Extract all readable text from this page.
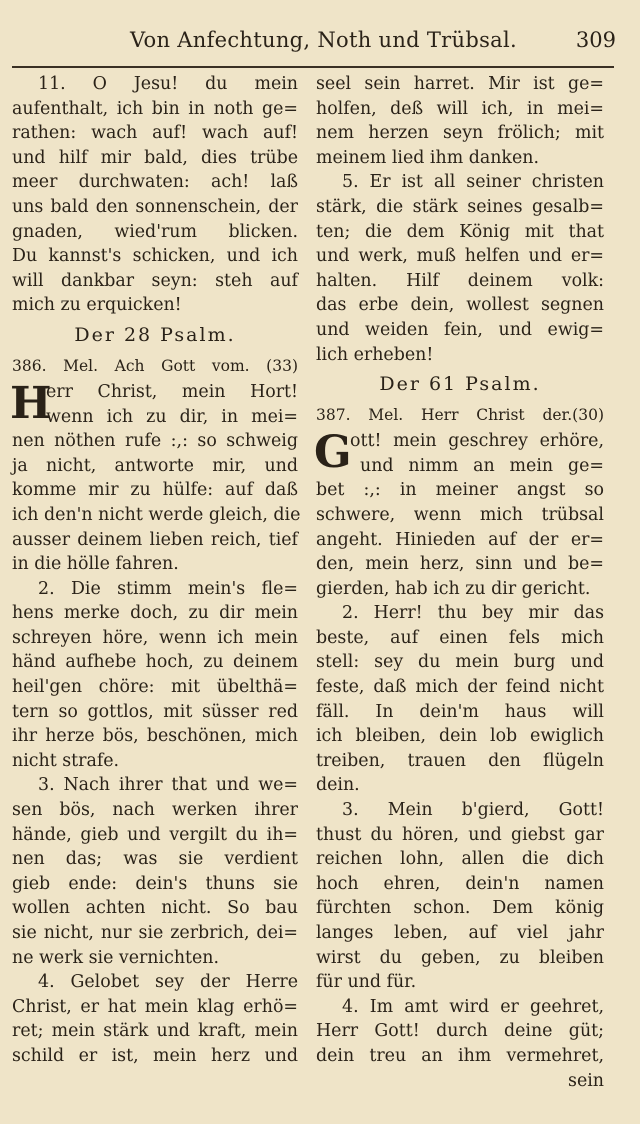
Von Anfechtung, Noth und Trübsal.	309
11. O Jesu! du mein
aufenthalt, ich bin in noth ge=
rathen: wach auf! wach auf!
und hilf mir bald, dies trübe
meer durchwaten: ach! laß
uns bald den sonnenschein, der
gnaden, wied'rum blicken.
Du kannst's schicken, und ich
will dankbar seyn: steh auf
mich zu erquicken!
Der 28 Psalm.
386. Mel. Ach Gott vom. (33)
H
err Christ, mein Hort!
wenn ich zu dir, in mei=
nen nöthen rufe :,: so schweig
ja nicht, antworte mir, und
komme mir zu hülfe: auf daß
ich den'n nicht werde gleich, die
ausser deinem lieben reich, tief
in die hölle fahren.
2. Die stimm mein's fle=
hens merke doch, zu dir mein
schreyen höre, wenn ich mein
händ aufhebe hoch, zu deinem
heil'gen chöre: mit übelthä=
tern so gottlos, mit süsser red
ihr herze bös, beschönen, mich
nicht strafe.
3. Nach ihrer that und we=
sen bös, nach werken ihrer
hände, gieb und vergilt du ih=
nen das; was sie verdient
gieb ende: dein's thuns sie
wollen achten nicht. So bau
sie nicht, nur sie zerbrich, dei=
ne werk sie vernichten.
4. Gelobet sey der Herre
Christ, er hat mein klag erhö=
ret; mein stärk und kraft, mein
schild er ist, mein herz und
seel sein harret. Mir ist ge=
holfen, deß will ich, in mei=
nem herzen seyn frölich; mit
meinem lied ihm danken.
5. Er ist all seiner christen
stärk, die stärk seines gesalb=
ten; die dem König mit that
und werk, muß helfen und er=
halten. Hilf deinem volk:
das erbe dein, wollest segnen
und weiden fein, und ewig=
lich erheben!
Der 61 Psalm.
387. Mel. Herr Christ der.(30)
G
ott! mein geschrey erhöre,
und nimm an mein ge=
bet :,: in meiner angst so
schwere, wenn mich trübsal
angeht. Hinieden auf der er=
den, mein herz, sinn und be=
gierden, hab ich zu dir gericht.
2. Herr! thu bey mir das
beste, auf einen fels mich
stell: sey du mein burg und
feste, daß mich der feind nicht
fäll. In dein'm haus will
ich bleiben, dein lob ewiglich
treiben, trauen den flügeln
dein.
3. Mein b'gierd, Gott!
thust du hören, und giebst gar
reichen lohn, allen die dich
hoch ehren, dein'n namen
fürchten schon. Dem könig
langes leben, auf viel jahr
wirst du geben, zu bleiben
für und für.
4. Im amt wird er geehret,
Herr Gott! durch deine güt;
dein treu an ihm vermehret,
sein
